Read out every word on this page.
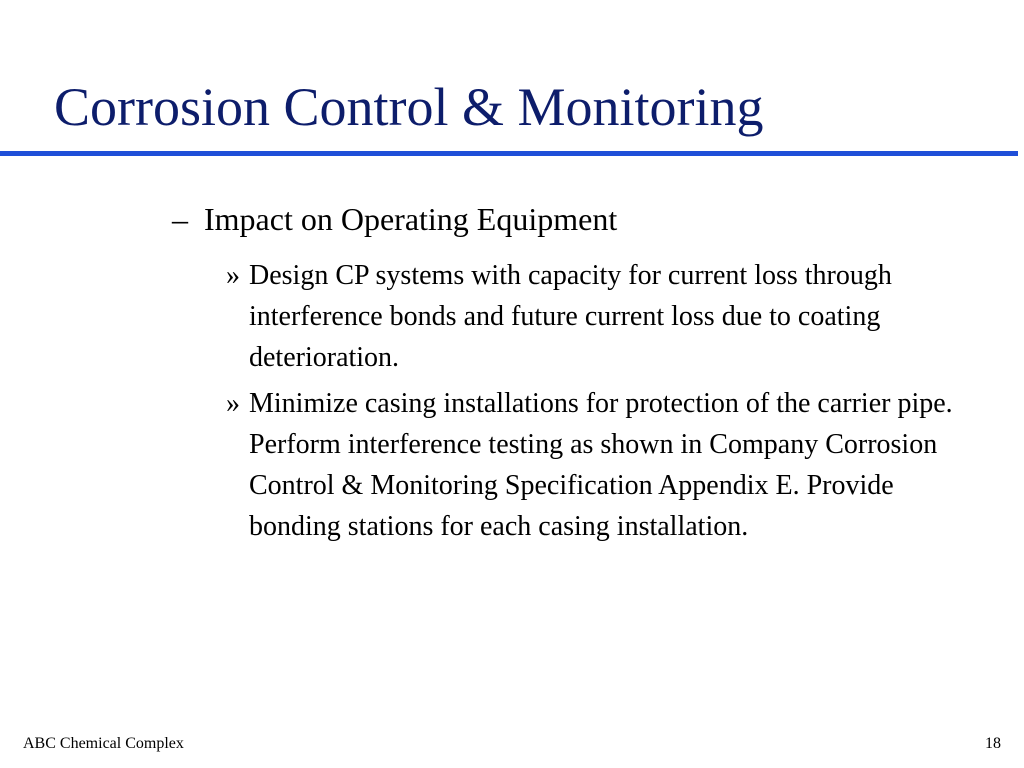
Corrosion Control & Monitoring
– Impact on Operating Equipment
» Design CP systems with capacity for current loss through interference bonds and future current loss due to coating deterioration.
» Minimize casing installations for protection of the carrier pipe. Perform interference testing as shown in Company Corrosion Control & Monitoring Specification Appendix E. Provide bonding stations for each casing installation.
ABC Chemical Complex	18
